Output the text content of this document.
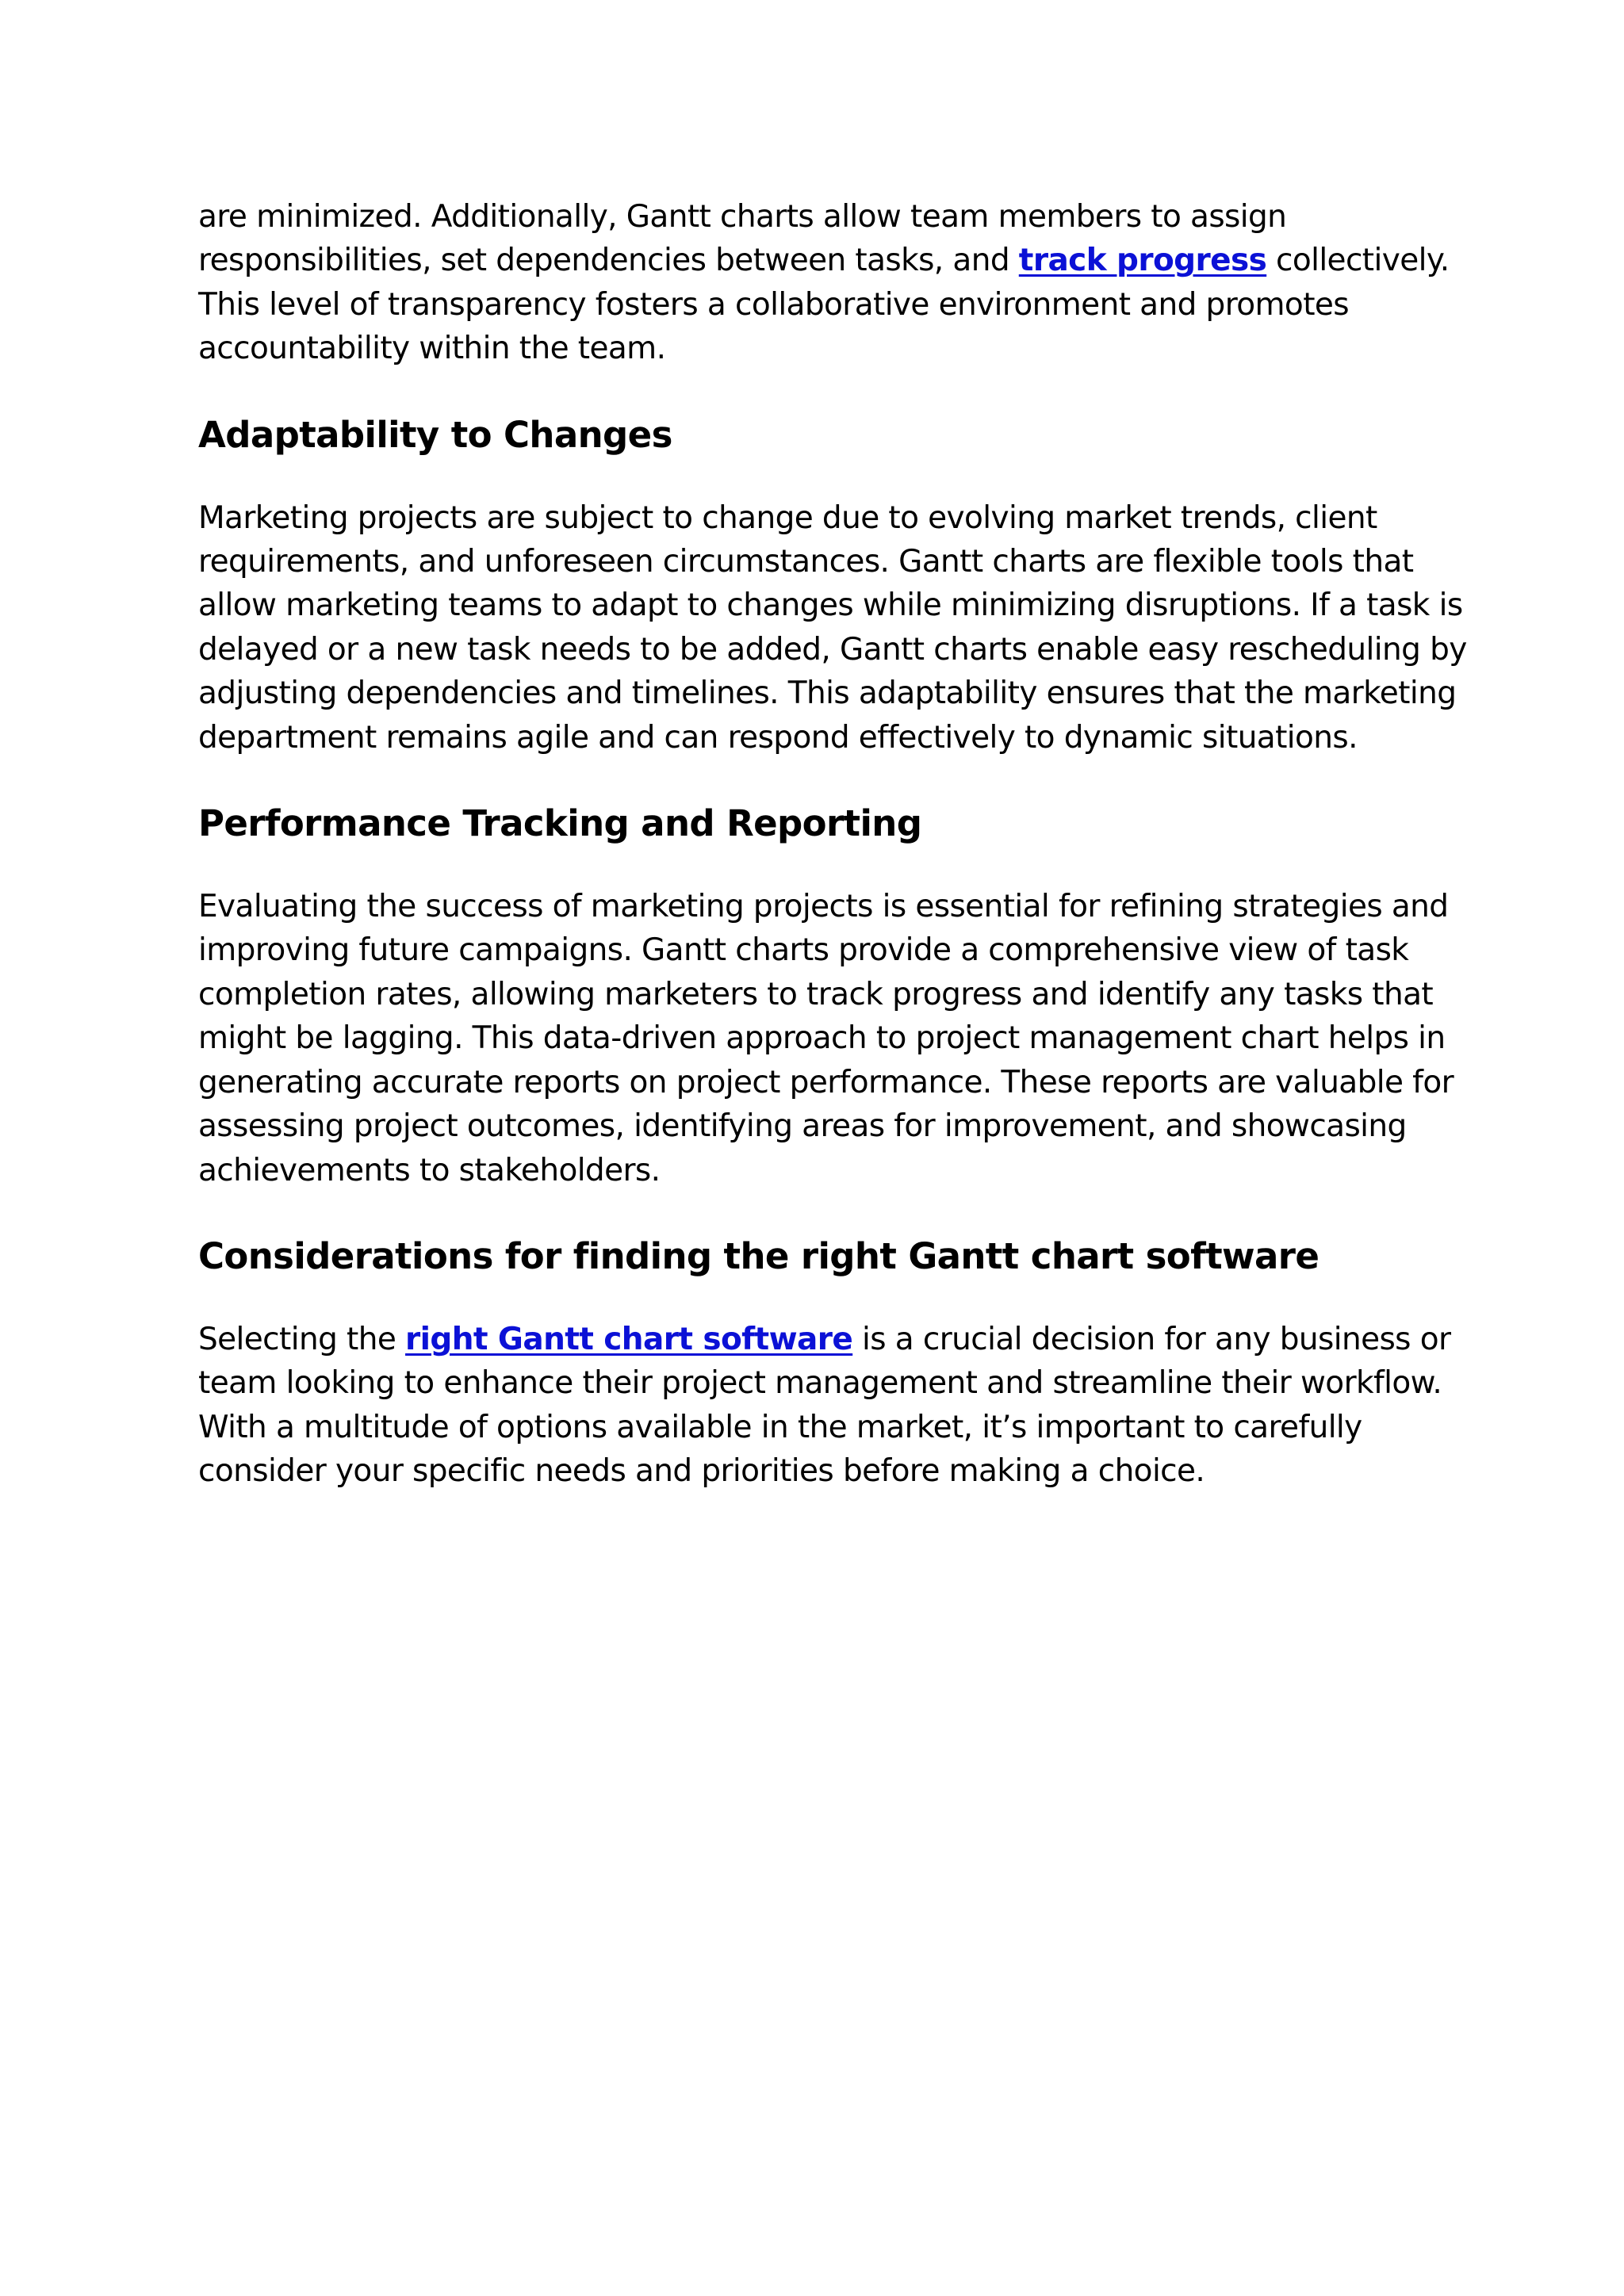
are minimized. Additionally, Gantt charts allow team members to assign
responsibilities, set dependencies between tasks, and track progress collectively.
This level of transparency fosters a collaborative environment and promotes
accountability within the team.

Adaptability to Changes

Marketing projects are subject to change due to evolving market trends, client
requirements, and unforeseen circumstances. Gantt charts are flexible tools that
allow marketing teams to adapt to changes while minimizing disruptions. If a task is
delayed or a new task needs to be added, Gantt charts enable easy rescheduling by
adjusting dependencies and timelines. This adaptability ensures that the marketing
department remains agile and can respond effectively to dynamic situations.

Performance Tracking and Reporting

Evaluating the success of marketing projects is essential for refining strategies and
improving future campaigns. Gantt charts provide a comprehensive view of task
completion rates, allowing marketers to track progress and identify any tasks that
might be lagging. This data-driven approach to project management chart helps in
generating accurate reports on project performance. These reports are valuable for
assessing project outcomes, identifying areas for improvement, and showcasing
achievements to stakeholders.

Considerations for finding the right Gantt chart software

Selecting the right Gantt chart software is a crucial decision for any business or
team looking to enhance their project management and streamline their workflow.
With a multitude of options available in the market, it’s important to carefully
consider your specific needs and priorities before making a choice.
